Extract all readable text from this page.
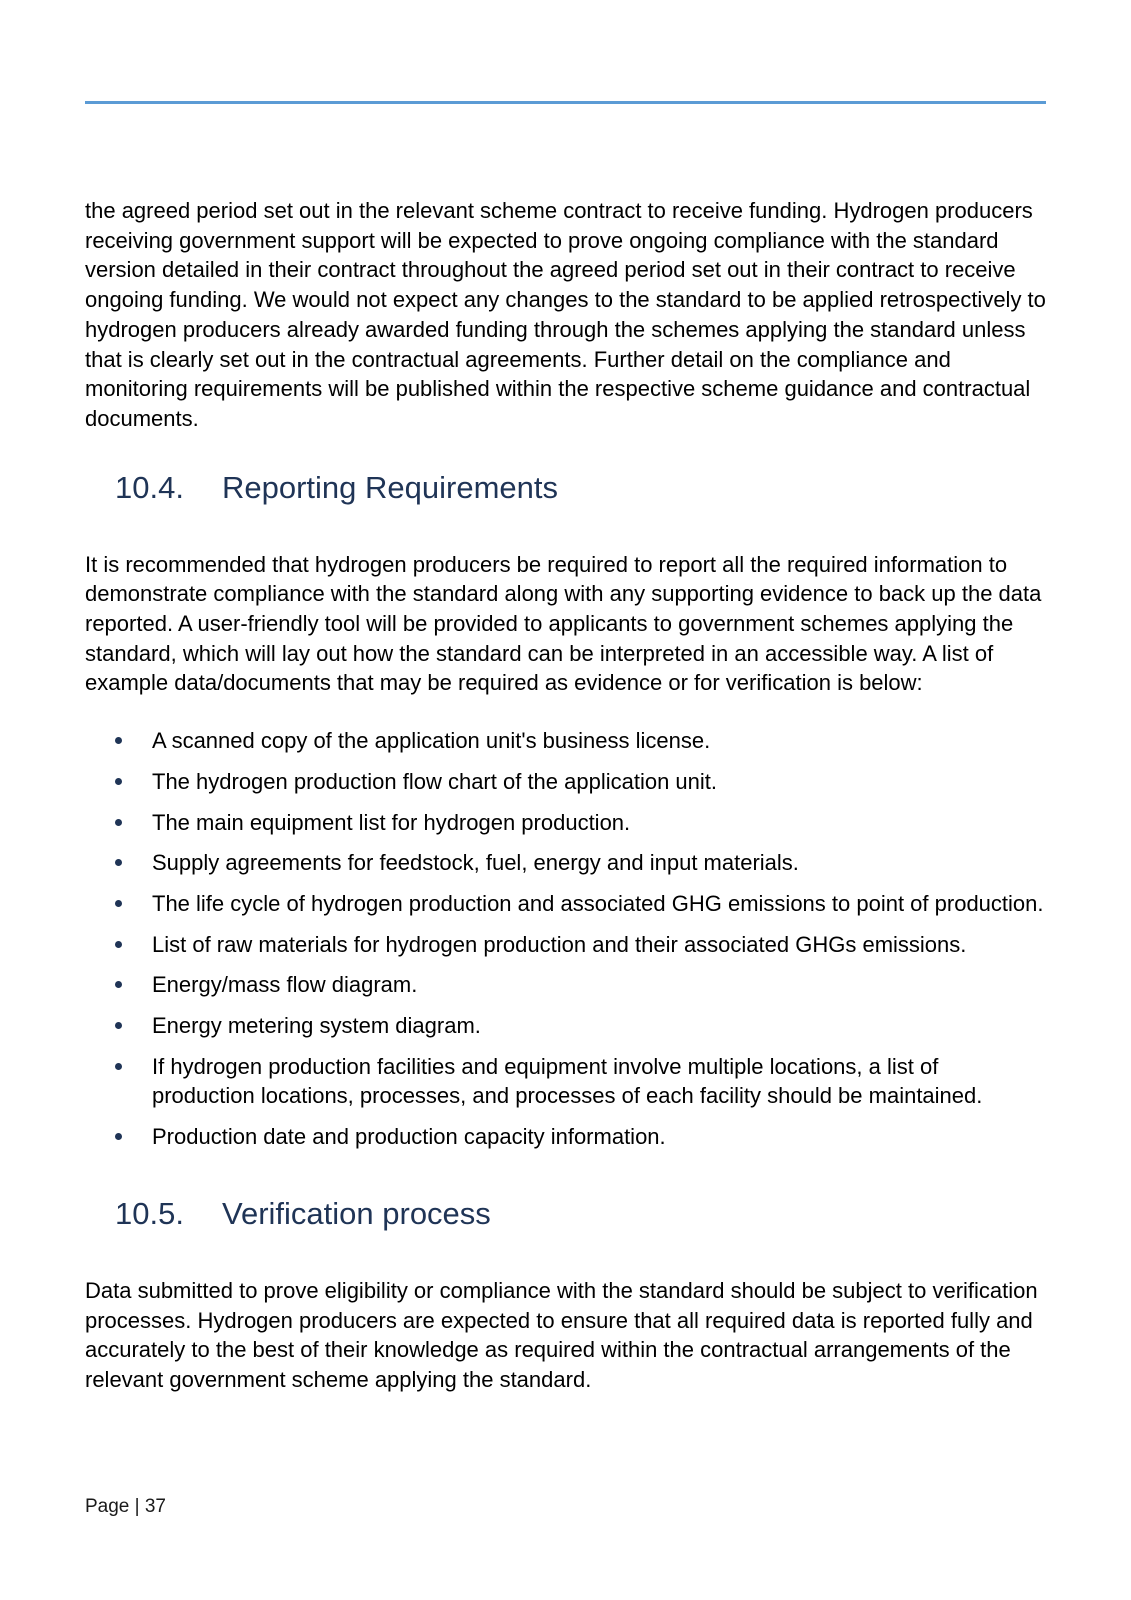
the agreed period set out in the relevant scheme contract to receive funding. Hydrogen producers receiving government support will be expected to prove ongoing compliance with the standard version detailed in their contract throughout the agreed period set out in their contract to receive ongoing funding. We would not expect any changes to the standard to be applied retrospectively to hydrogen producers already awarded funding through the schemes applying the standard unless that is clearly set out in the contractual agreements. Further detail on the compliance and monitoring requirements will be published within the respective scheme guidance and contractual documents.

10.4. Reporting Requirements

It is recommended that hydrogen producers be required to report all the required information to demonstrate compliance with the standard along with any supporting evidence to back up the data reported. A user-friendly tool will be provided to applicants to government schemes applying the standard, which will lay out how the standard can be interpreted in an accessible way. A list of example data/documents that may be required as evidence or for verification is below:

A scanned copy of the application unit's business license.
The hydrogen production flow chart of the application unit.
The main equipment list for hydrogen production.
Supply agreements for feedstock, fuel, energy and input materials.
The life cycle of hydrogen production and associated GHG emissions to point of production.
List of raw materials for hydrogen production and their associated GHGs emissions.
Energy/mass flow diagram.
Energy metering system diagram.
If hydrogen production facilities and equipment involve multiple locations, a list of production locations, processes, and processes of each facility should be maintained.
Production date and production capacity information.
10.5. Verification process

Data submitted to prove eligibility or compliance with the standard should be subject to verification processes. Hydrogen producers are expected to ensure that all required data is reported fully and accurately to the best of their knowledge as required within the contractual arrangements of the relevant government scheme applying the standard.

Page | 37
